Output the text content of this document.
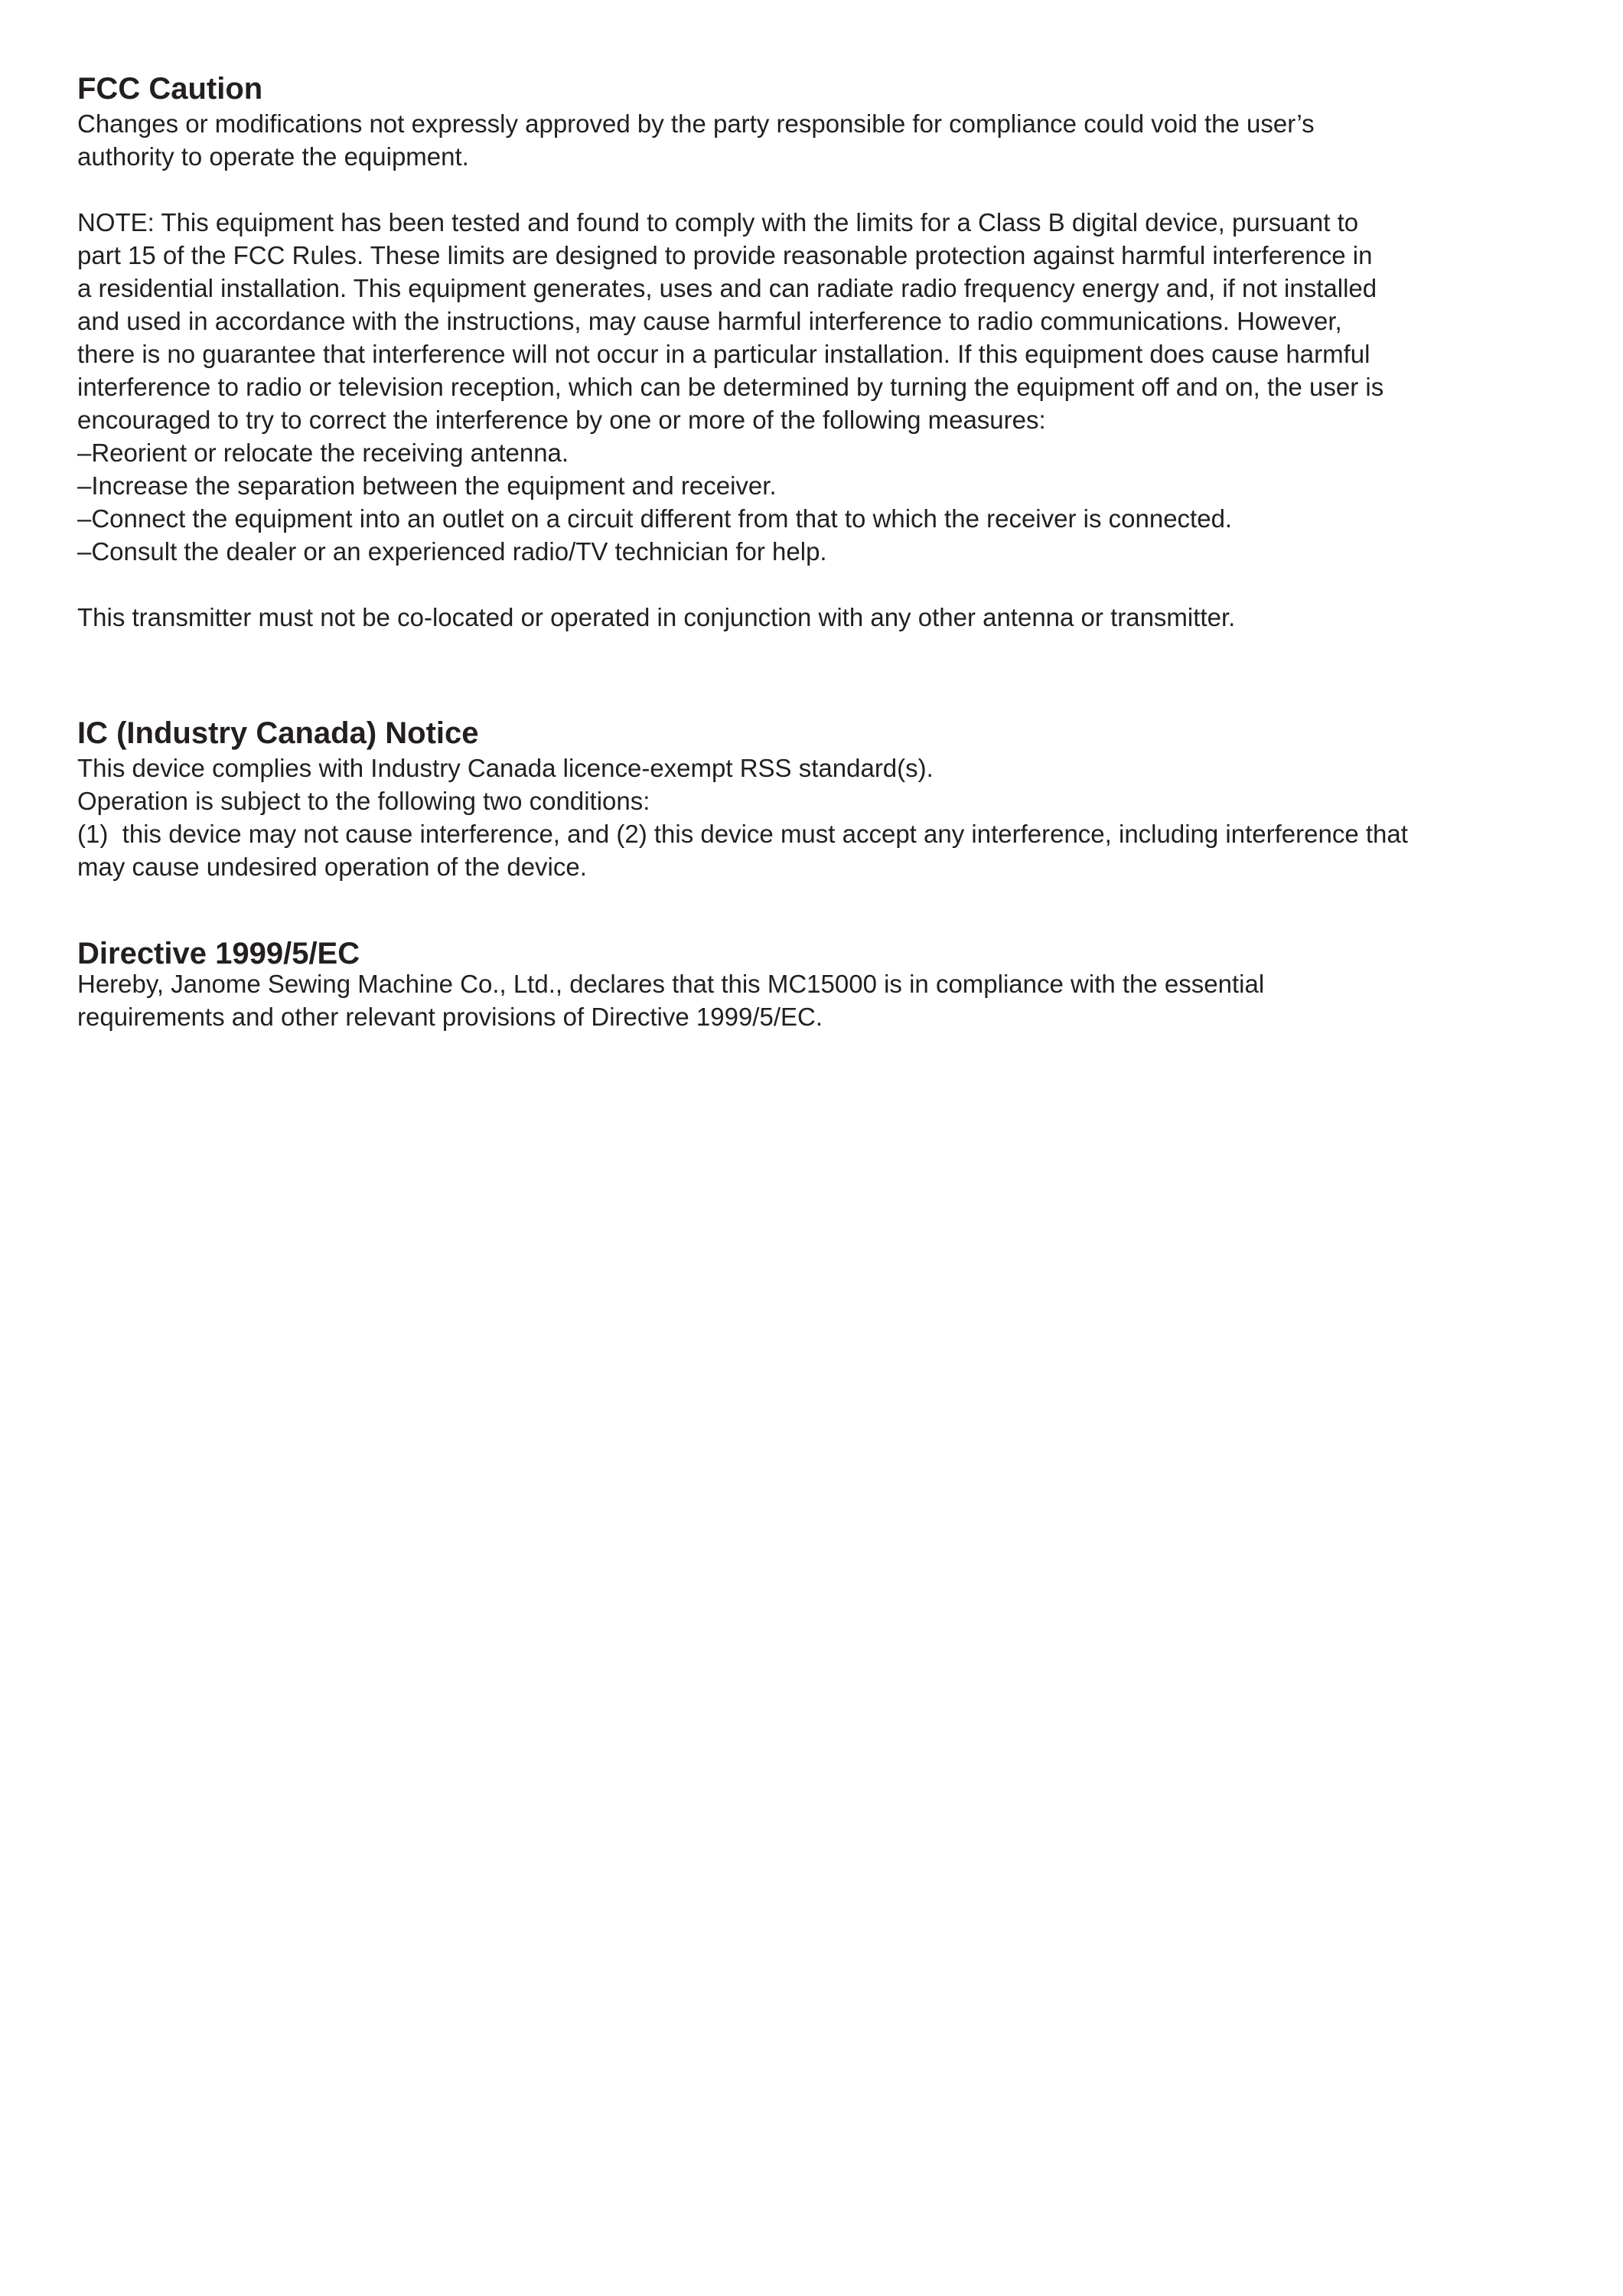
FCC Caution

Changes or modifications not expressly approved by the party responsible for compliance could void the user’s

authority to operate the equipment.

NOTE: This equipment has been tested and found to comply with the limits for a Class B digital device, pursuant to

part 15 of the FCC Rules. These limits are designed to provide reasonable protection against harmful interference in

a residential installation. This equipment generates, uses and can radiate radio frequency energy and, if not installed

and used in accordance with the instructions, may cause harmful interference to radio communications. However,

there is no guarantee that interference will not occur in a particular installation. If this equipment does cause harmful

interference to radio or television reception, which can be determined by turning the equipment off and on, the user is

encouraged to try to correct the interference by one or more of the following measures:

–Reorient or relocate the receiving antenna.

–Increase the separation between the equipment and receiver.

–Connect the equipment into an outlet on a circuit different from that to which the receiver is connected.

–Consult the dealer or an experienced radio/TV technician for help.

This transmitter must not be co-located or operated in conjunction with any other antenna or transmitter.

IC (Industry Canada) Notice

This device complies with Industry Canada licence-exempt RSS standard(s).

Operation is subject to the following two conditions:

(1)  this device may not cause interference, and (2) this device must accept any interference, including interference that

may cause undesired operation of the device.

Directive 1999/5/EC

Hereby, Janome Sewing Machine Co., Ltd., declares that this MC15000 is in compliance with the essential

requirements and other relevant provisions of Directive 1999/5/EC.
